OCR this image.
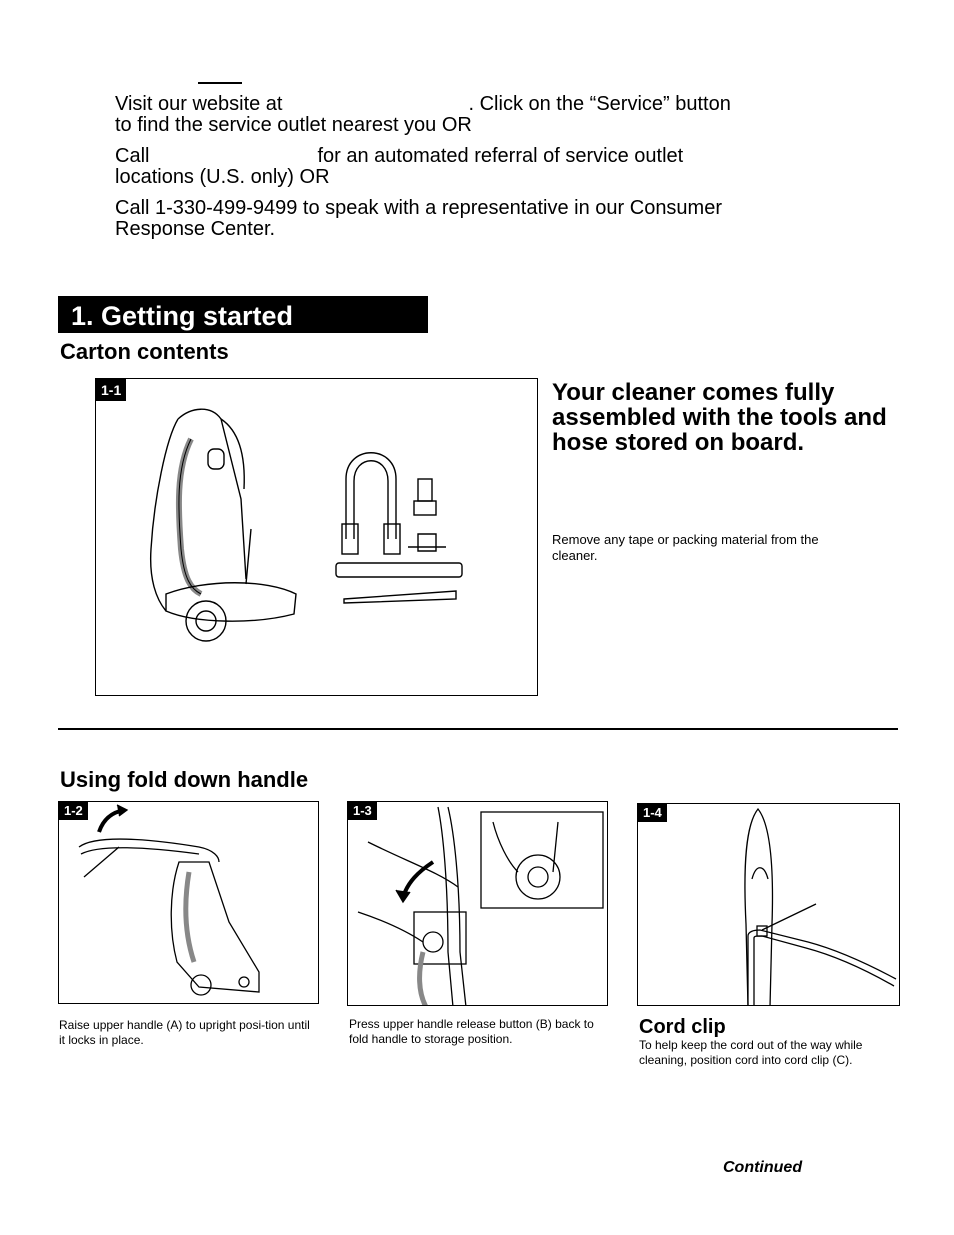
Visit our website at	. Click on the “Service” button
to find the service outlet nearest you OR
Call	for an automated referral of service outlet
locations (U.S. only) OR
Call 1-330-499-9499 to speak with a representative in our Consumer
Response Center.
1. Getting started
Carton contents
1-1	Your cleaner comes fully assembled with the tools and hose stored on board.
Remove any tape or packing material from the cleaner.
Using fold down handle
1-2
Raise upper handle (A) to upright posi-tion until it locks in place.
1-3
Press upper handle release button (B) back to fold handle to storage position.
1-4
Cord clip
To help keep the cord out of the way while cleaning, position cord into cord clip (C).
Continued
